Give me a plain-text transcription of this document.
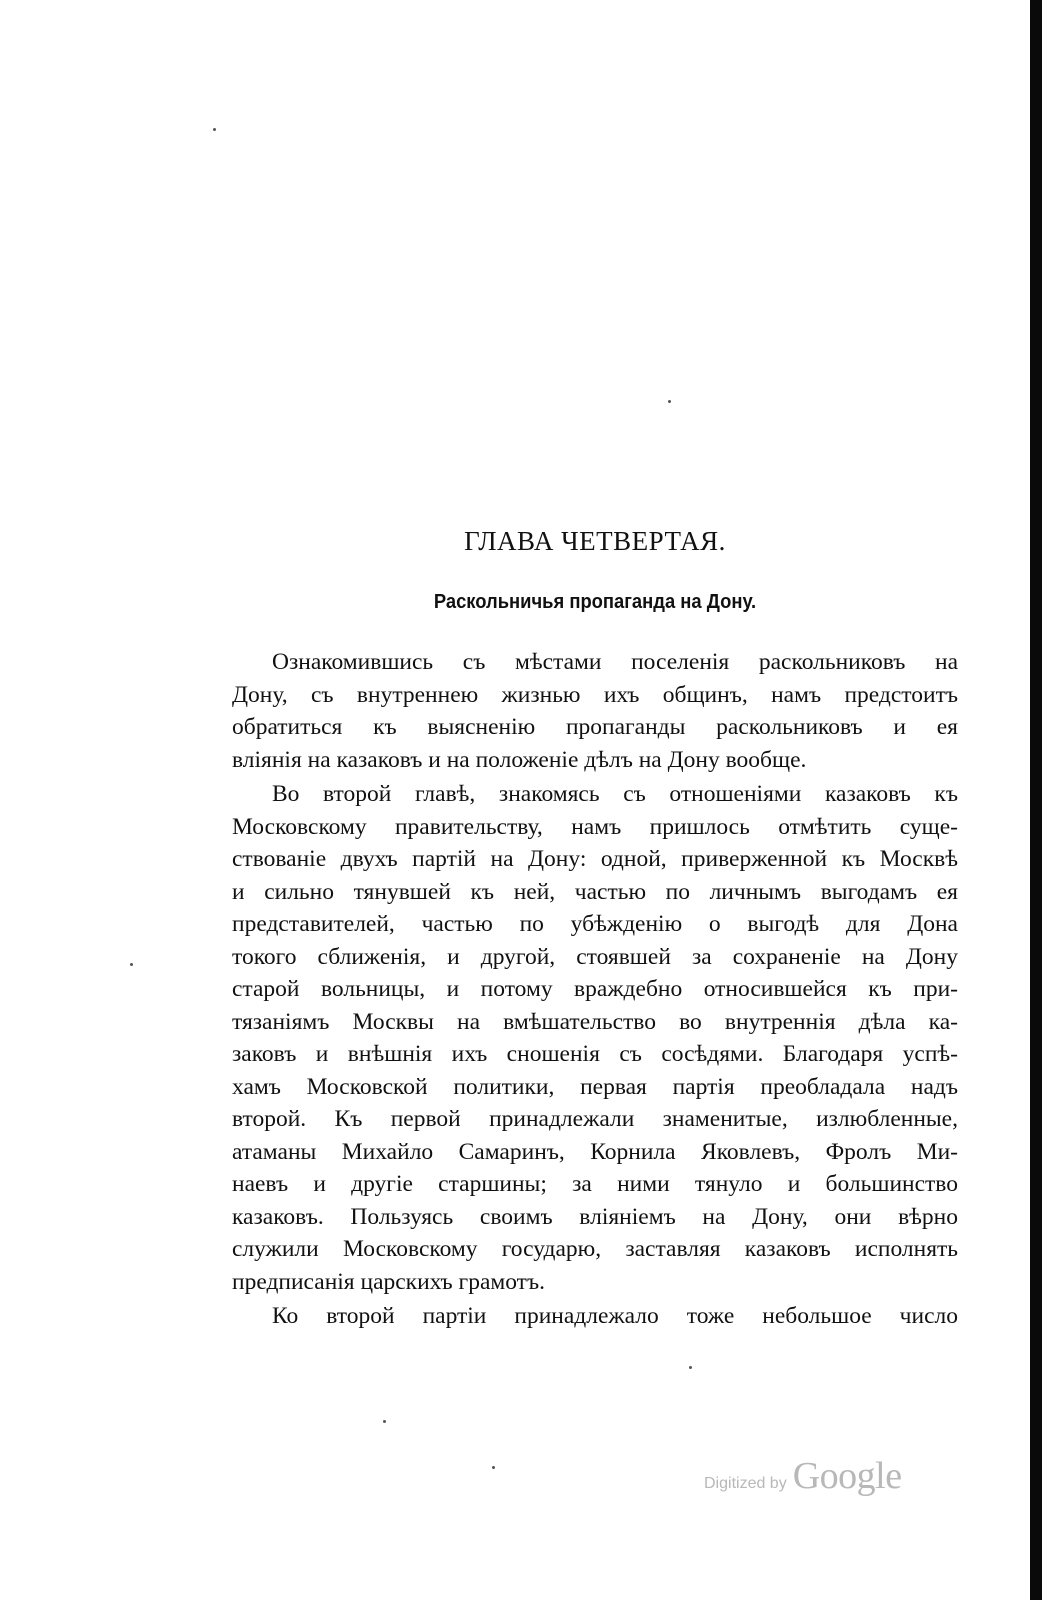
ГЛАВА ЧЕТВЕРТАЯ.
Раскольничья пропаганда на Дону.
Ознакомившись съ мѣстами поселенія раскольниковъ на
Дону, съ внутреннею жизнью ихъ общинъ, намъ предстоитъ
обратиться къ выясненію пропаганды раскольниковъ и ея
вліянія на казаковъ и на положеніе дѣлъ на Дону вообще.
Во второй главѣ, знакомясь съ отношеніями казаковъ къ
Московскому правительству, намъ пришлось отмѣтить суще-
ствованіе двухъ партій на Дону: одной, приверженной къ Москвѣ
и сильно тянувшей къ ней, частью по личнымъ выгодамъ ея
представителей, частью по убѣжденію о выгодѣ для Дона
токого сближенія, и другой, стоявшей за сохраненіе на Дону
старой вольницы, и потому враждебно относившейся къ при-
тязаніямъ Москвы на вмѣшательство во внутреннія дѣла ка-
заковъ и внѣшнія ихъ сношенія съ сосѣдями. Благодаря успѣ-
хамъ Московской политики, первая партія преобладала надъ
второй. Къ первой принадлежали знаменитые, излюбленные,
атаманы Михайло Самаринъ, Корнила Яковлевъ, Фролъ Ми-
наевъ и другіе старшины; за ними тянуло и большинство
казаковъ. Пользуясь своимъ вліяніемъ на Дону, они вѣрно
служили Московскому государю, заставляя казаковъ исполнять
предписанія царскихъ грамотъ.
Ко второй партіи принадлежало тоже небольшое число
Digitized by Google
